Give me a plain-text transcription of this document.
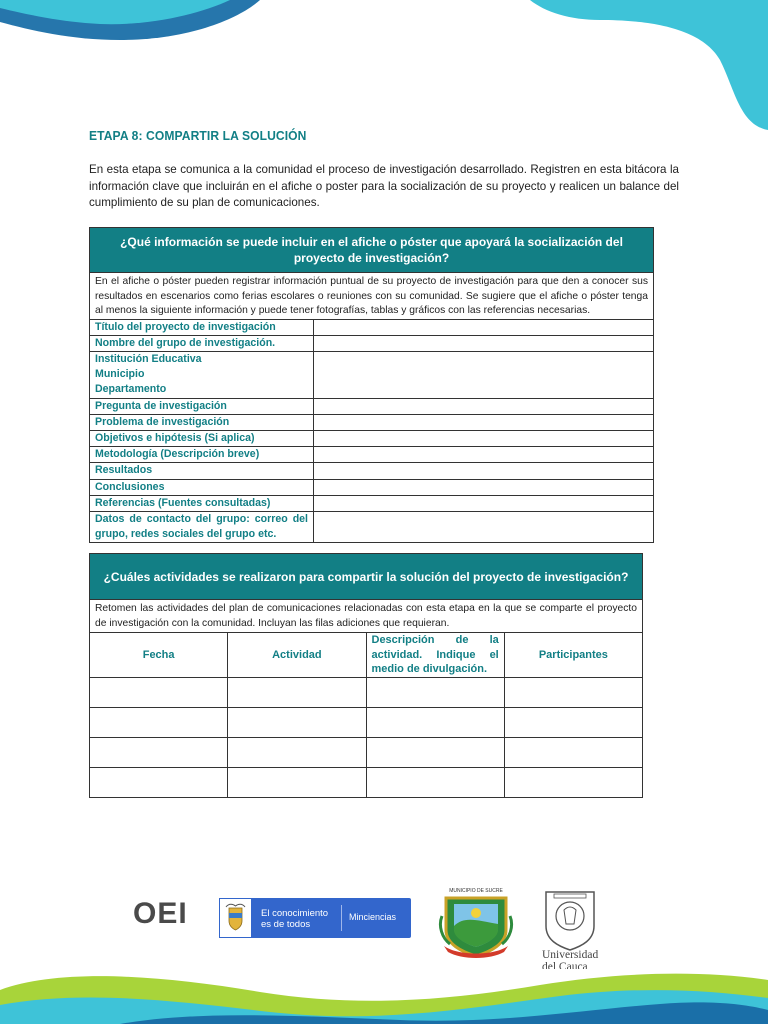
ETAPA 8: COMPARTIR LA SOLUCIÓN
En esta etapa se comunica a la comunidad el proceso de investigación desarrollado. Registren en esta bitácora la información clave que incluirán en el afiche o poster para la socialización de su proyecto y realicen un balance del cumplimiento de su plan de comunicaciones.
¿Qué información se puede incluir en el afiche o póster que apoyará la socialización del proyecto de investigación?	
En el afiche o póster pueden registrar información puntual de su proyecto de investigación para que den a conocer sus resultados en escenarios como ferias escolares o reuniones con su comunidad. Se sugiere que el afiche o póster tenga al menos la siguiente información y puede tener fotografías, tablas y gráficos con las referencias necesarias.	
Título del proyecto de investigación	
Nombre del grupo de investigación.	

Institución Educativa
Municipio
Departamento	

Pregunta de investigación	
Problema de investigación	
Objetivos e hipótesis (Si aplica)	
Metodología (Descripción breve)	
Resultados	
Conclusiones	
Referencias (Fuentes consultadas)	
Datos de contacto del grupo: correo del grupo, redes sociales del grupo etc.	
¿Cuáles actividades se realizaron para compartir la solución del proyecto de investigación?			
Retomen las actividades del plan de comunicaciones relacionadas con esta etapa en la que se comparte el proyecto de investigación con la comunidad. Incluyan las filas adiciones que requieran.			
Fecha	Actividad	Descripción de la actividad. Indique el medio de divulgación.	Participantes

OEI	El conocimiento
es de todos
Minciencias
MUNICIPIO DE SUCRE
Universidad
del Cauca
